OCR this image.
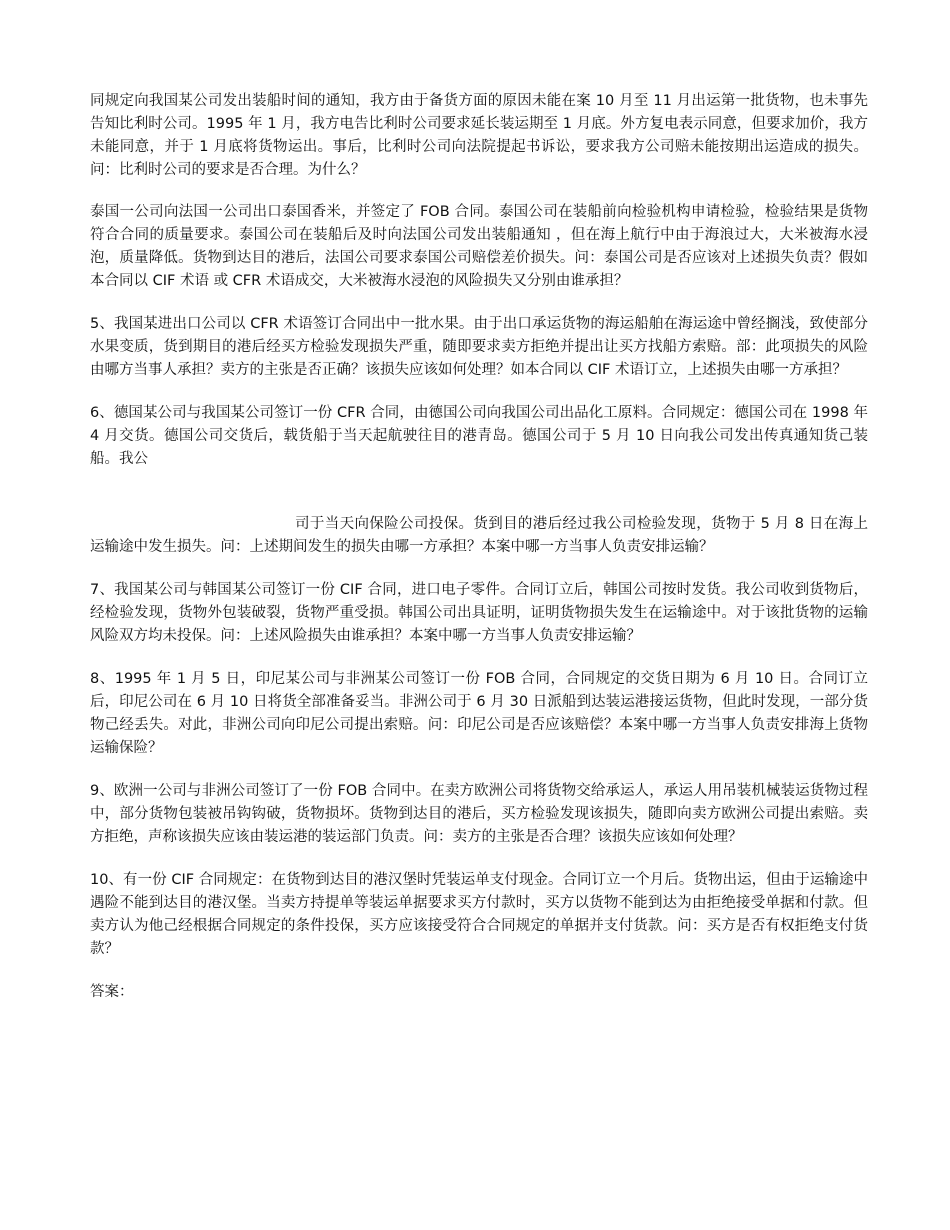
同规定向我国某公司发出装船时间的通知，我方由于备货方面的原因未能在案 10 月至 11 月出运第一批货物，也未事先告知比利时公司。1995 年 1 月，我方电告比利时公司要求延长装运期至 1 月底。外方复电表示同意，但要求加价，我方未能同意，并于 1 月底将货物运出。事后，比利时公司向法院提起书诉讼，要求我方公司赔未能按期出运造成的损失。问：比利时公司的要求是否合理。为什么？

泰国一公司向法国一公司出口泰国香米，并签定了 FOB 合同。泰国公司在装船前向检验机构申请检验，检验结果是货物符合合同的质量要求。泰国公司在装船后及时向法国公司发出装船通知 ，但在海上航行中由于海浪过大，大米被海水浸泡，质量降低。货物到达目的港后，法国公司要求泰国公司赔偿差价损失。问：泰国公司是否应该对上述损失负责？假如本合同以 CIF 术语 或 CFR 术语成交，大米被海水浸泡的风险损失又分别由谁承担？

5、我国某进出口公司以 CFR 术语签订合同出中一批水果。由于出口承运货物的海运船舶在海运途中曾经搁浅，致使部分水果变质，货到期目的港后经买方检验发现损失严重，随即要求卖方拒绝并提出让买方找船方索赔。部：此项损失的风险由哪方当事人承担？卖方的主张是否正确？该损失应该如何处理？如本合同以 CIF 术语订立，上述损失由哪一方承担？

6、德国某公司与我国某公司签订一份 CFR 合同，由德国公司向我国公司出品化工原料。合同规定：德国公司在 1998 年 4 月交货。德国公司交货后，载货船于当天起航驶往目的港青岛。德国公司于 5 月 10 日向我公司发出传真通知货己装船。我公

司于当天向保险公司投保。货到目的港后经过我公司检验发现，货物于 5 月 8 日在海上运输途中发生损失。问：上述期间发生的损失由哪一方承担？本案中哪一方当事人负责安排运输？

7、我国某公司与韩国某公司签订一份 CIF 合同，进口电子零件。合同订立后，韩国公司按时发货。我公司收到货物后，经检验发现，货物外包装破裂，货物严重受损。韩国公司出具证明，证明货物损失发生在运输途中。对于该批货物的运输风险双方均未投保。问：上述风险损失由谁承担？本案中哪一方当事人负责安排运输？

8、1995 年 1 月 5 日，印尼某公司与非洲某公司签订一份 FOB 合同，合同规定的交货日期为 6 月 10 日。合同订立后，印尼公司在 6 月 10 日将货全部准备妥当。非洲公司于 6 月 30 日派船到达装运港接运货物，但此时发现，一部分货物己经丢失。对此，非洲公司向印尼公司提出索赔。问：印尼公司是否应该赔偿？本案中哪一方当事人负责安排海上货物运输保险？

9、欧洲一公司与非洲公司签订了一份 FOB 合同中。在卖方欧洲公司将货物交给承运人，承运人用吊装机械装运货物过程中，部分货物包装被吊钩钩破，货物损坏。货物到达目的港后，买方检验发现该损失，随即向卖方欧洲公司提出索赔。卖方拒绝，声称该损失应该由装运港的装运部门负责。问：卖方的主张是否合理？该损失应该如何处理？

10、有一份 CIF 合同规定：在货物到达目的港汉堡时凭装运单支付现金。合同订立一个月后。货物出运，但由于运输途中遇险不能到达目的港汉堡。当卖方持提单等装运单据要求买方付款时，买方以货物不能到达为由拒绝接受单据和付款。但卖方认为他己经根据合同规定的条件投保，买方应该接受符合合同规定的单据并支付货款。问：买方是否有权拒绝支付货款？

答案：
